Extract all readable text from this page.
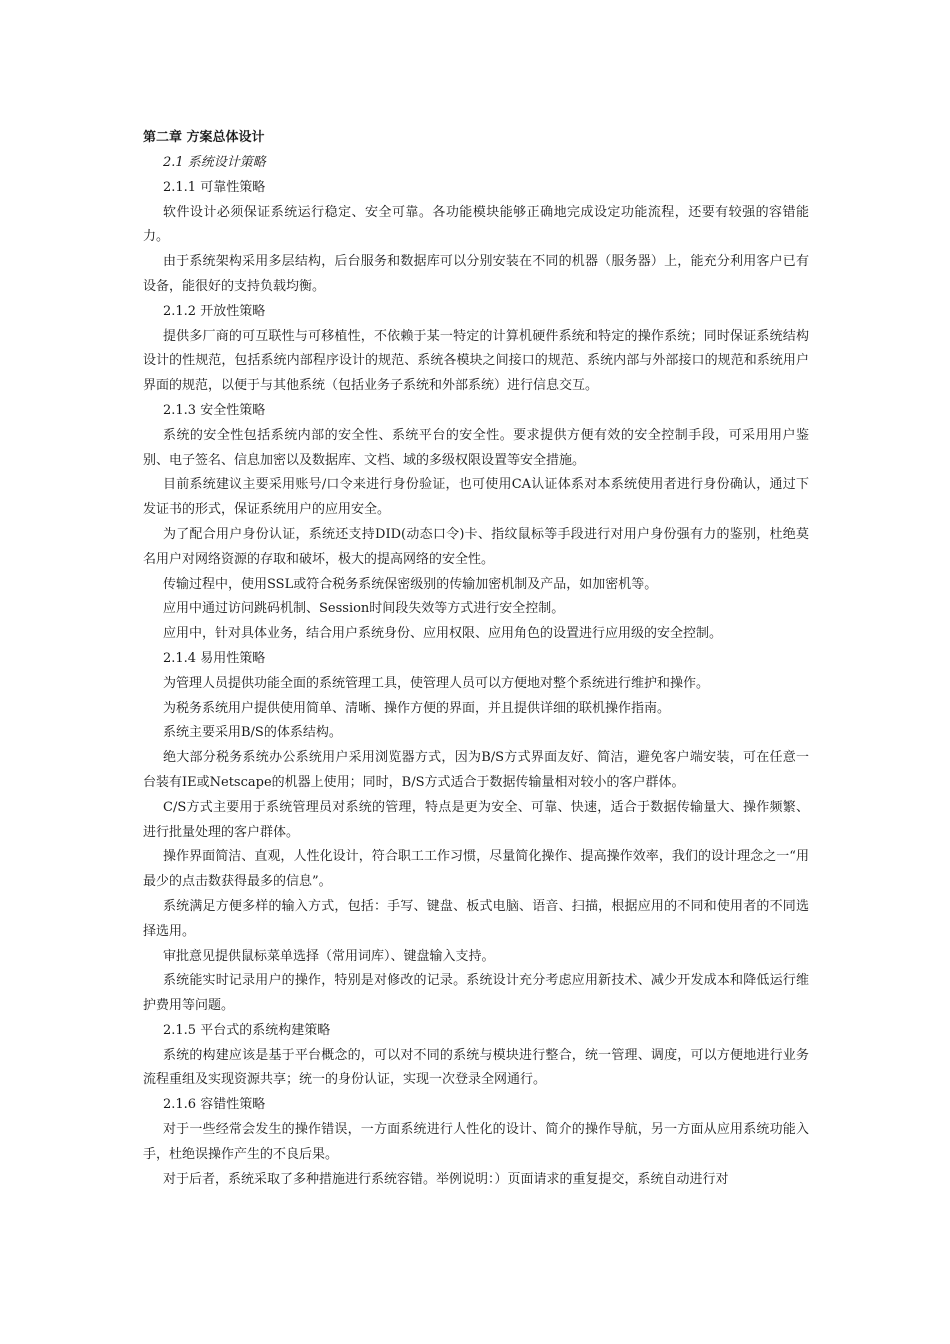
第二章 方案总体设计
2.1 系统设计策略
2.1.1 可靠性策略

软件设计必须保证系统运行稳定、安全可靠。各功能模块能够正确地完成设定功能流程，还要有较强的容错能力。

由于系统架构采用多层结构，后台服务和数据库可以分别安装在不同的机器（服务器）上，能充分利用客户已有设备，能很好的支持负载均衡。

2.1.2 开放性策略

提供多厂商的可互联性与可移植性，不依赖于某一特定的计算机硬件系统和特定的操作系统；同时保证系统结构设计的性规范，包括系统内部程序设计的规范、系统各模块之间接口的规范、系统内部与外部接口的规范和系统用户界面的规范，以便于与其他系统（包括业务子系统和外部系统）进行信息交互。

2.1.3 安全性策略

系统的安全性包括系统内部的安全性、系统平台的安全性。要求提供方便有效的安全控制手段，可采用用户鉴别、电子签名、信息加密以及数据库、文档、域的多级权限设置等安全措施。

目前系统建议主要采用账号/口令来进行身份验证，也可使用CA认证体系对本系统使用者进行身份确认，通过下发证书的形式，保证系统用户的应用安全。

为了配合用户身份认证，系统还支持DID(动态口令)卡、指纹鼠标等手段进行对用户身份强有力的鉴别，杜绝莫名用户对网络资源的存取和破坏，极大的提高网络的安全性。

传输过程中，使用SSL或符合税务系统保密级别的传输加密机制及产品，如加密机等。

应用中通过访问跳码机制、Session时间段失效等方式进行安全控制。

应用中，针对具体业务，结合用户系统身份、应用权限、应用角色的设置进行应用级的安全控制。

2.1.4 易用性策略

为管理人员提供功能全面的系统管理工具，使管理人员可以方便地对整个系统进行维护和操作。

为税务系统用户提供使用简单、清晰、操作方便的界面，并且提供详细的联机操作指南。

系统主要采用B/S的体系结构。

绝大部分税务系统办公系统用户采用浏览器方式，因为B/S方式界面友好、简洁，避免客户端安装，可在任意一台装有IE或Netscape的机器上使用；同时，B/S方式适合于数据传输量相对较小的客户群体。

C/S方式主要用于系统管理员对系统的管理，特点是更为安全、可靠、快速，适合于数据传输量大、操作频繁、进行批量处理的客户群体。

操作界面简洁、直观，人性化设计，符合职工工作习惯，尽量简化操作、提高操作效率，我们的设计理念之一“用最少的点击数获得最多的信息”。

系统满足方便多样的输入方式，包括：手写、键盘、板式电脑、语音、扫描，根据应用的不同和使用者的不同选择选用。

审批意见提供鼠标菜单选择（常用词库）、键盘输入支持。

系统能实时记录用户的操作，特别是对修改的记录。系统设计充分考虑应用新技术、减少开发成本和降低运行维护费用等问题。

2.1.5 平台式的系统构建策略

系统的构建应该是基于平台概念的，可以对不同的系统与模块进行整合，统一管理、调度，可以方便地进行业务流程重组及实现资源共享；统一的身份认证，实现一次登录全网通行。

2.1.6 容错性策略

对于一些经常会发生的操作错误，一方面系统进行人性化的设计、简介的操作导航，另一方面从应用系统功能入手，杜绝误操作产生的不良后果。

对于后者，系统采取了多种措施进行系统容错。举例说明：）页面请求的重复提交，系统自动进行对
